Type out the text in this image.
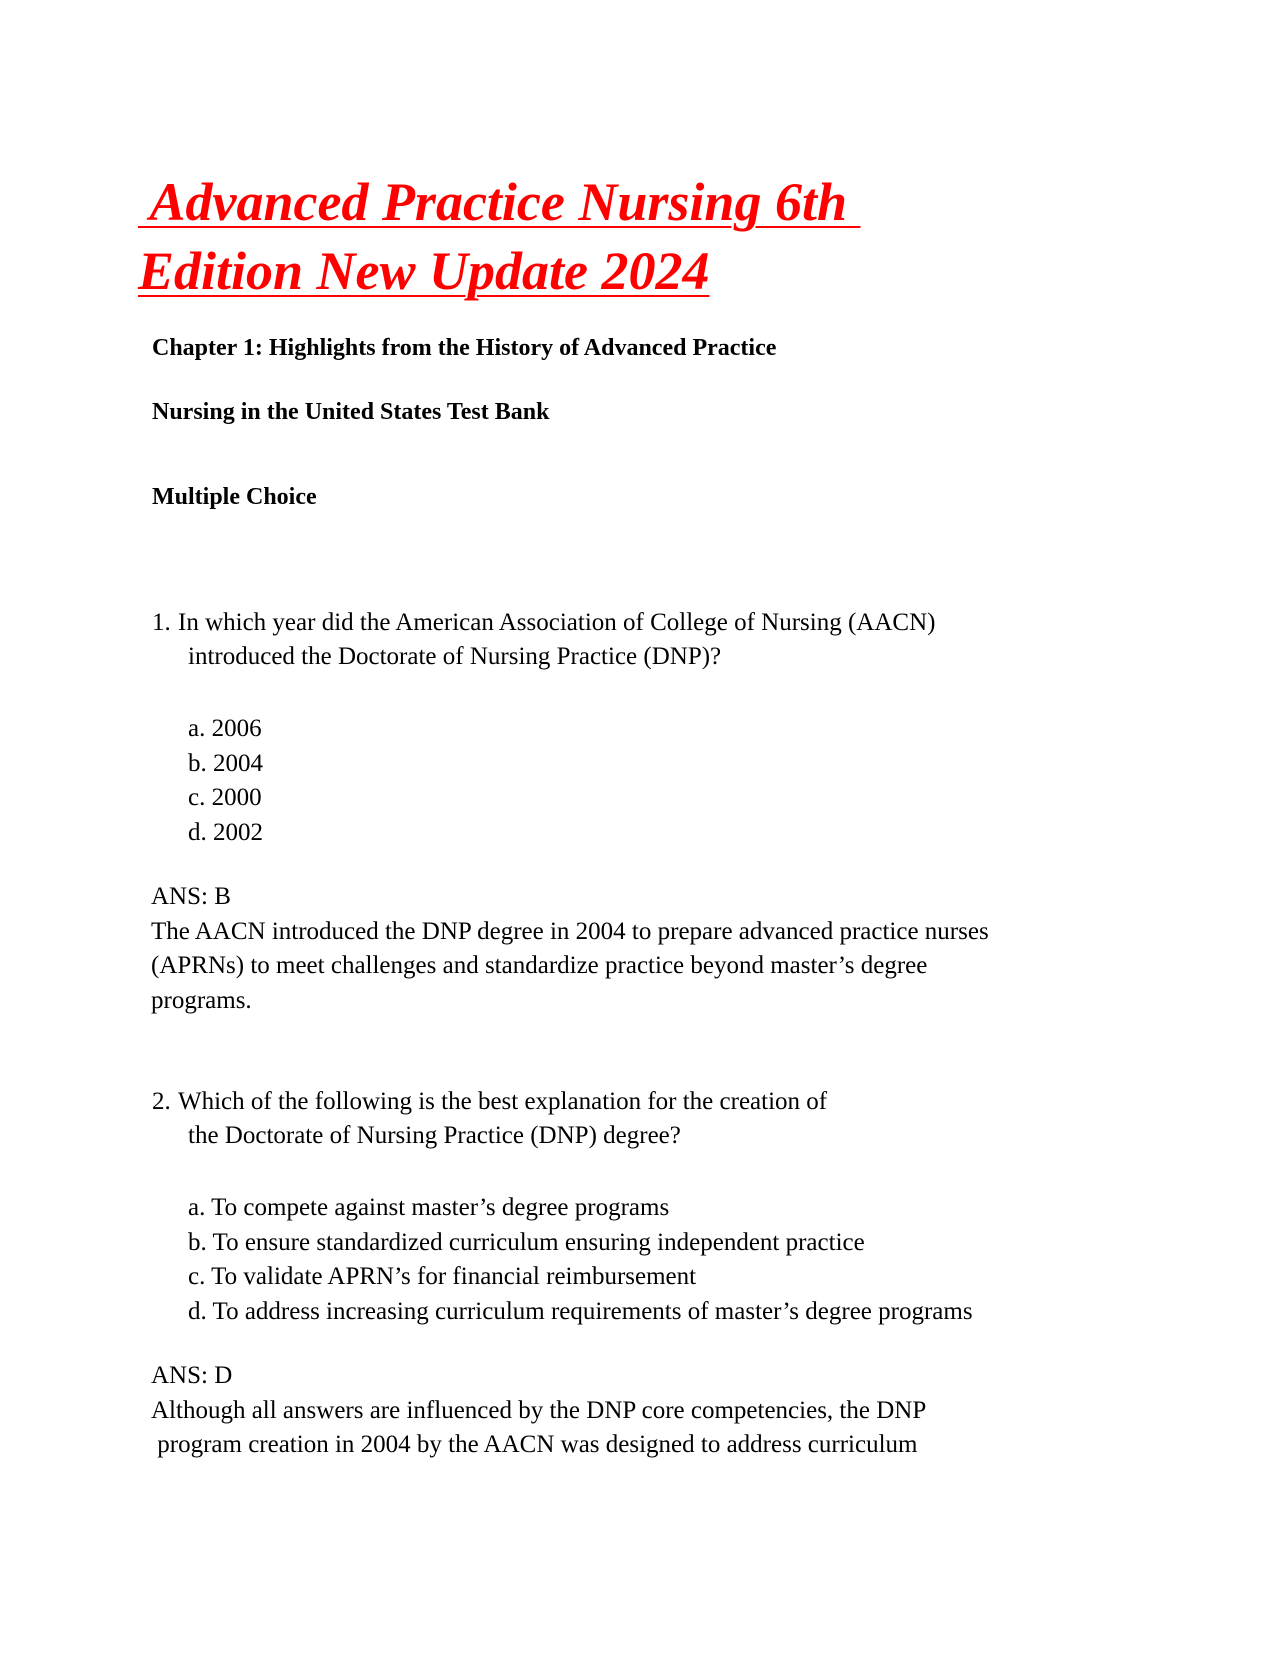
Advanced Practice Nursing 6th
Edition New Update 2024

Chapter 1: Highlights from the History of Advanced Practice

Nursing in the United States Test Bank

Multiple Choice

1. In which year did the American Association of College of Nursing (AACN)
introduced the Doctorate of Nursing Practice (DNP)?
a. 2006
b. 2004
c. 2000
d. 2002
ANS: B
The AACN introduced the DNP degree in 2004 to prepare advanced practice nurses
(APRNs) to meet challenges and standardize practice beyond master’s degree
programs.
2. Which of the following is the best explanation for the creation of
the Doctorate of Nursing Practice (DNP) degree?
a. To compete against master’s degree programs
b. To ensure standardized curriculum ensuring independent practice
c. To validate APRN’s for financial reimbursement
d. To address increasing curriculum requirements of master’s degree programs
ANS: D
Although all answers are influenced by the DNP core competencies, the DNP
program creation in 2004 by the AACN was designed to address curriculum
